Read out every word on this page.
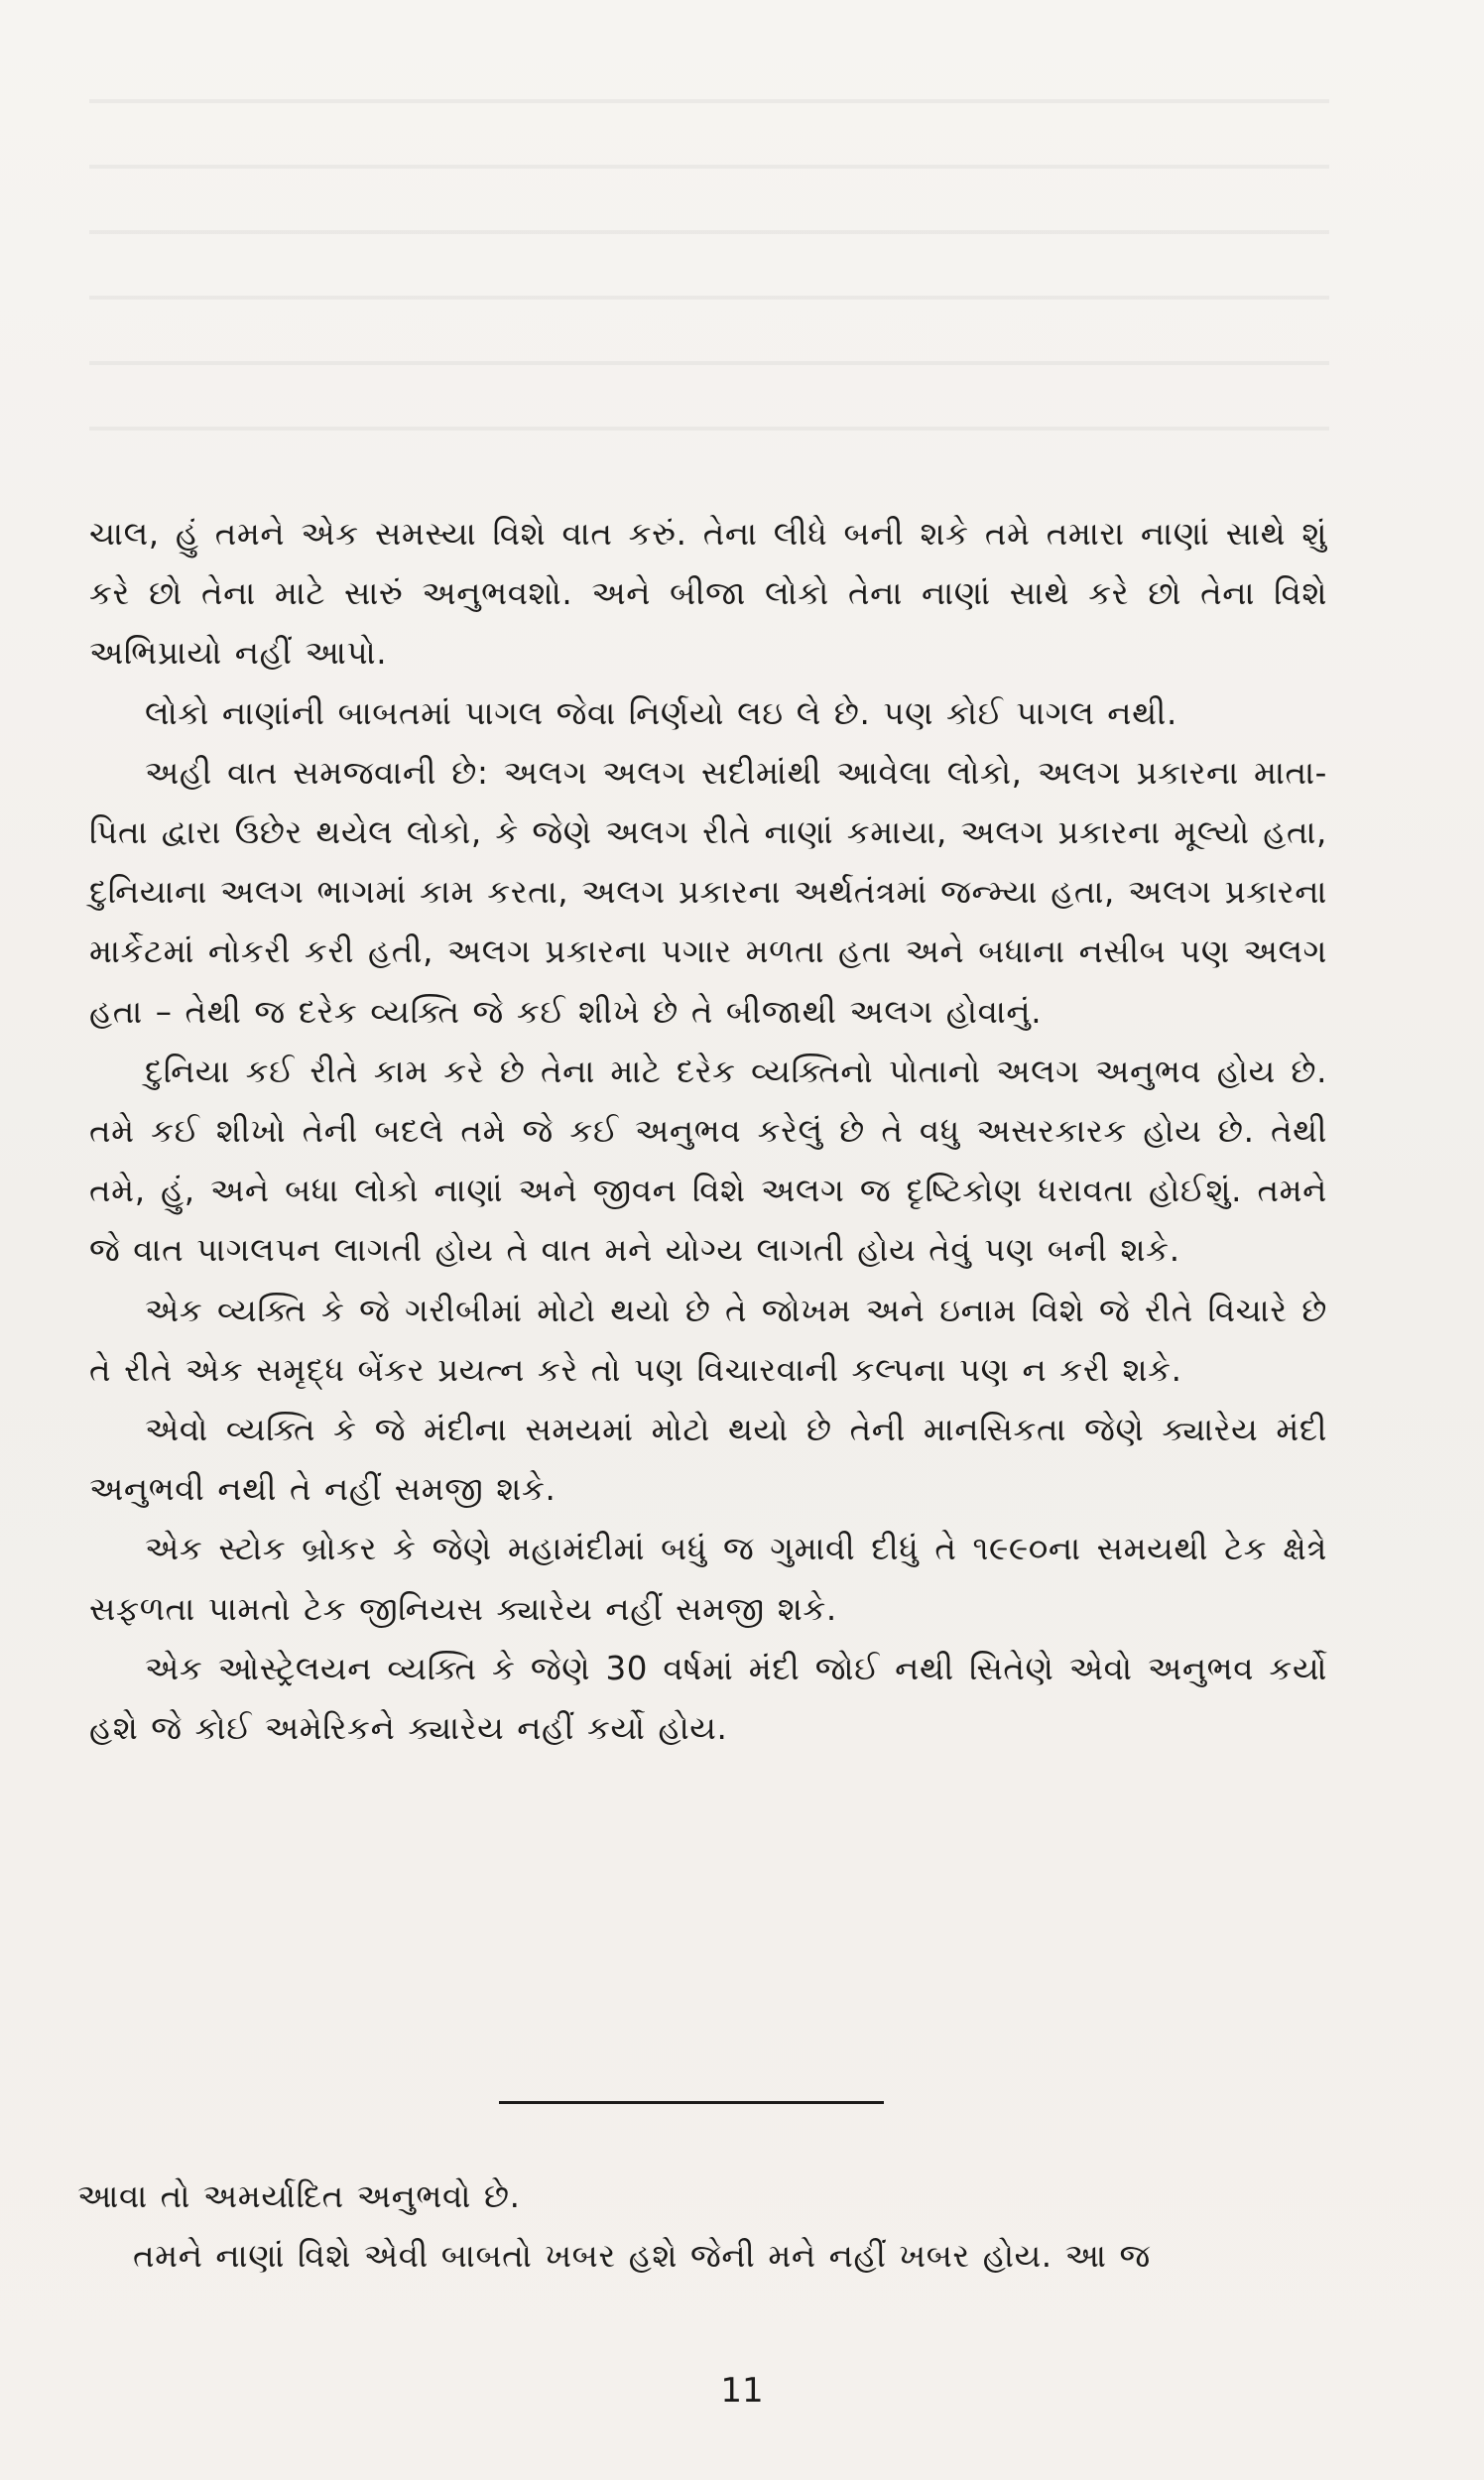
ચાલ, હું તમને એક સમસ્યા વિશે વાત કરું. તેના લીધે બની શકે તમે તમારા નાણાં સાથે શું કરે છો તેના માટે સારું અનુભવશો. અને બીજા લોકો તેના નાણાં સાથે કરે છો તેના વિશે અભિપ્રાયો નહીં આપો.

લોકો નાણાંની બાબતમાં પાગલ જેવા નિર્ણયો લઇ લે છે. પણ કોઈ પાગલ નથી.

અહી વાત સમજવાની છે: અલગ અલગ સદીમાંથી આવેલા લોકો, અલગ પ્રકારના માતા-પિતા દ્વારા ઉછેર થયેલ લોકો, કે જેણે અલગ રીતે નાણાં કમાયા, અલગ પ્રકારના મૂલ્યો હતા, દુનિયાના અલગ ભાગમાં કામ કરતા, અલગ પ્રકારના અર્થતંત્રમાં જન્મ્યા હતા, અલગ પ્રકારના માર્કેટમાં નોકરી કરી હતી, અલગ પ્રકારના પગાર મળતા હતા અને બધાના નસીબ પણ અલગ હતા – તેથી જ દરેક વ્યક્તિ જે કઈ શીખે છે તે બીજાથી અલગ હોવાનું.

દુનિયા કઈ રીતે કામ કરે છે તેના માટે દરેક વ્યક્તિનો પોતાનો અલગ અનુભવ હોય છે. તમે કઈ શીખો તેની બદલે તમે જે કઈ અનુભવ કરેલું છે તે વધુ અસરકારક હોય છે. તેથી તમે, હું, અને બધા લોકો નાણાં અને જીવન વિશે અલગ જ દૃષ્ટિકોણ ધરાવતા હોઈશું. તમને જે વાત પાગલપન લાગતી હોય તે વાત મને યોગ્ય લાગતી હોય તેવું પણ બની શકે.

એક વ્યક્તિ કે જે ગરીબીમાં મોટો થયો છે તે જોખમ અને ઇનામ વિશે જે રીતે વિચારે છે તે રીતે એક સમૃદ્ધ બેંકર પ્રયત્ન કરે તો પણ વિચારવાની કલ્પના પણ ન કરી શકે.

એવો વ્યક્તિ કે જે મંદીના સમયમાં મોટો થયો છે તેની માનસિકતા જેણે ક્યારેય મંદી અનુભવી નથી તે નહીં સમજી શકે.

એક સ્ટોક બ્રોકર કે જેણે મહામંદીમાં બધું જ ગુમાવી દીધું તે ૧૯૯૦ના સમયથી ટેક ક્ષેત્રે સફળતા પામતો ટેક જીનિયસ ક્યારેય નહીં સમજી શકે.

એક ઓસ્ટ્રેલયન વ્યક્તિ કે જેણે 30 વર્ષમાં મંદી જોઈ નથી સિતેણે એવો અનુભવ કર્યો હશે જે કોઈ અમેરિકને ક્યારેય નહીં કર્યો હોય.

આવા તો અમર્યાદિત અનુભવો છે.

તમને નાણાં વિશે એવી બાબતો ખબર હશે જેની મને નહીં ખબર હોય. આ જ

11
